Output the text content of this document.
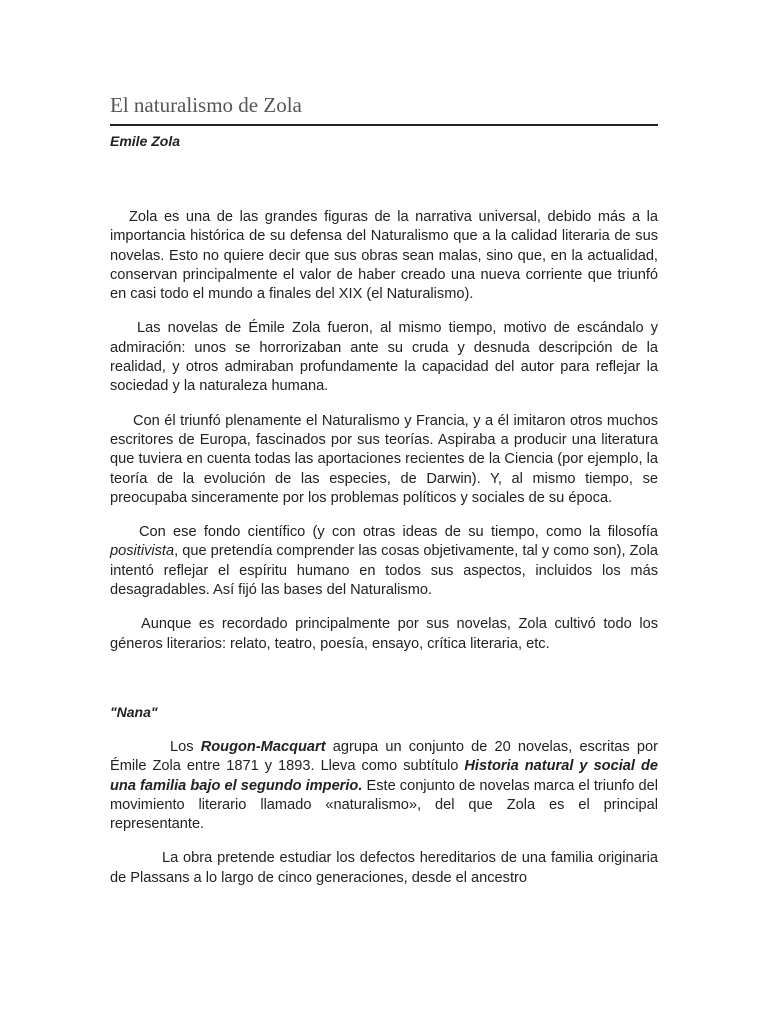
El naturalismo de Zola
Emile Zola

Zola es una de las grandes figuras de la narrativa universal, debido más a la importancia histórica de su defensa del Naturalismo que a la calidad literaria de sus novelas. Esto no quiere decir que sus obras sean malas, sino que, en la actualidad, conservan principalmente el valor de haber creado una nueva corriente que triunfó en casi todo el mundo a finales del XIX (el Naturalismo).

Las novelas de Émile Zola fueron, al mismo tiempo, motivo de escándalo y admiración: unos se horrorizaban ante su cruda y desnuda descripción de la realidad, y otros admiraban profundamente la capacidad del autor para reflejar la sociedad y la naturaleza humana.

Con él triunfó plenamente el Naturalismo y Francia, y a él imitaron otros muchos escritores de Europa, fascinados por sus teorías. Aspiraba a producir una literatura que tuviera en cuenta todas las aportaciones recientes de la Ciencia (por ejemplo, la teoría de la evolución de las especies, de Darwin). Y, al mismo tiempo, se preocupaba sinceramente por los problemas políticos y sociales de su época.

Con ese fondo científico (y con otras ideas de su tiempo, como la filosofía positivista, que pretendía comprender las cosas objetivamente, tal y como son), Zola intentó reflejar el espíritu humano en todos sus aspectos, incluidos los más desagradables. Así fijó las bases del Naturalismo.

Aunque es recordado principalmente por sus novelas, Zola cultivó todo los géneros literarios: relato, teatro, poesía, ensayo, crítica literaria, etc.

"Nana"

Los Rougon-Macquart agrupa un conjunto de 20 novelas, escritas por Émile Zola entre 1871 y 1893. Lleva como subtítulo Historia natural y social de una familia bajo el segundo imperio. Este conjunto de novelas marca el triunfo del movimiento literario llamado «naturalismo», del que Zola es el principal representante.

La obra pretende estudiar los defectos hereditarios de una familia originaria de Plassans a lo largo de cinco generaciones, desde el ancestro
